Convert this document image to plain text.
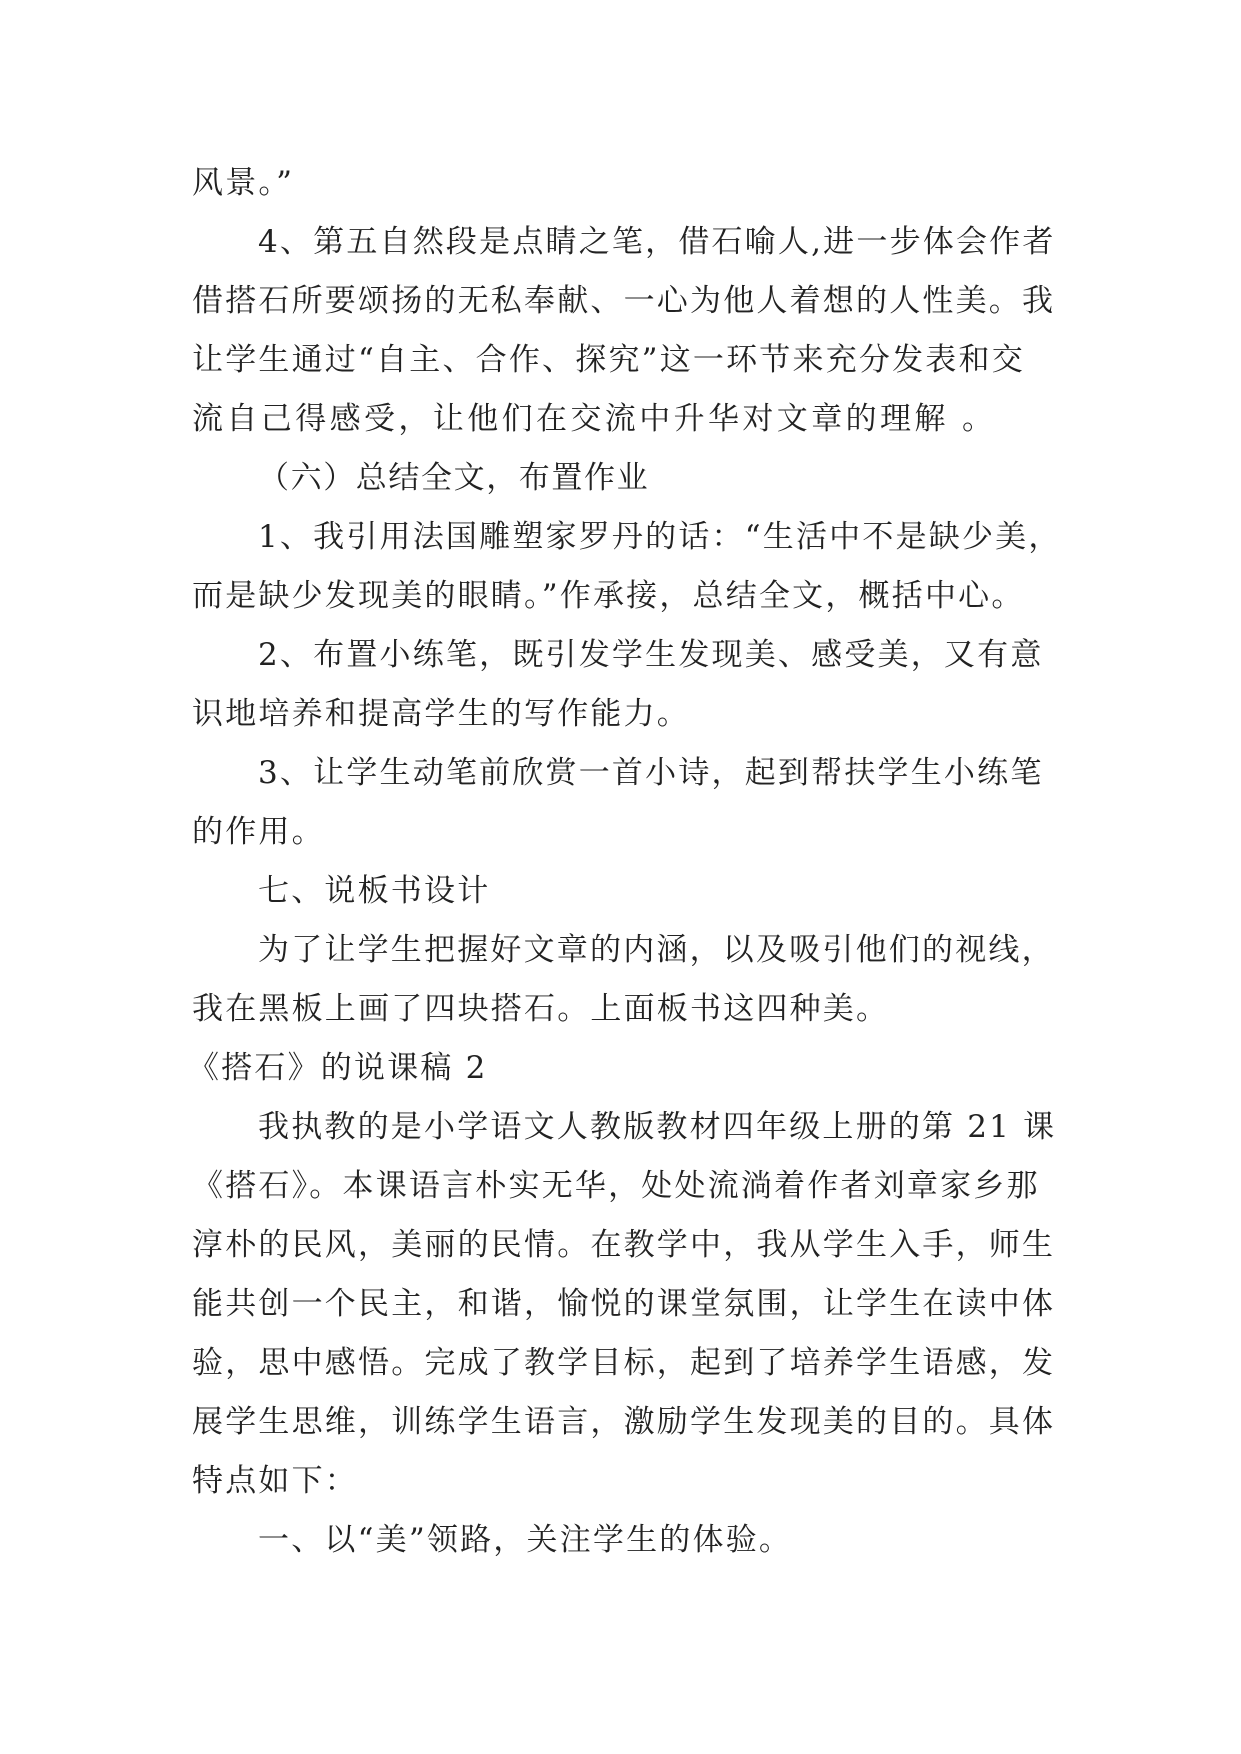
风景。”
4、第五自然段是点睛之笔，借石喻人,进一步体会作者
借搭石所要颂扬的无私奉献、一心为他人着想的人性美。我
让学生通过“自主、合作、探究”这一环节来充分发表和交
流自己得感受，让他们在交流中升华对文章的理解 。
（六）总结全文，布置作业
1、我引用法国雕塑家罗丹的话：“生活中不是缺少美，
而是缺少发现美的眼睛。”作承接，总结全文，概括中心。
2、布置小练笔，既引发学生发现美、感受美，又有意
识地培养和提高学生的写作能力。
3、让学生动笔前欣赏一首小诗，起到帮扶学生小练笔
的作用。
七、说板书设计
为了让学生把握好文章的内涵，以及吸引他们的视线，
我在黑板上画了四块搭石。上面板书这四种美。
《搭石》的说课稿 2
我执教的是小学语文人教版教材四年级上册的第 21 课
《搭石》。本课语言朴实无华，处处流淌着作者刘章家乡那
淳朴的民风，美丽的民情。在教学中，我从学生入手，师生
能共创一个民主，和谐，愉悦的课堂氛围，让学生在读中体
验，思中感悟。完成了教学目标，起到了培养学生语感，发
展学生思维，训练学生语言，激励学生发现美的目的。具体
特点如下：
一、以“美”领路，关注学生的体验。
